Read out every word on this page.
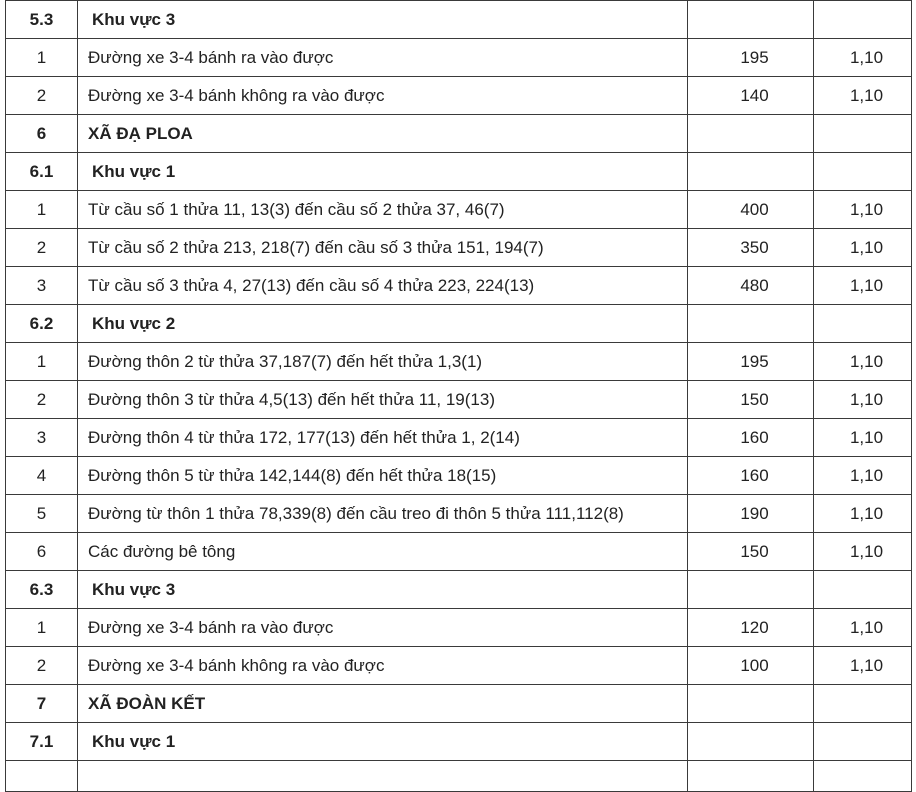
5.3	Khu vực 3		
1	Đường xe 3-4 bánh ra vào được	195	1,10
2	Đường xe 3-4 bánh không ra vào được	140	1,10
6	XÃ ĐẠ PLOA		
6.1	Khu vực 1		
1	Từ cầu số 1 thửa 11, 13(3) đến cầu số 2 thửa 37, 46(7)	400	1,10
2	Từ cầu số 2 thửa 213, 218(7) đến cầu số 3 thửa 151, 194(7)	350	1,10
3	Từ cầu số 3 thửa 4, 27(13) đến cầu số 4 thửa 223, 224(13)	480	1,10
6.2	Khu vực 2		
1	Đường thôn 2 từ thửa 37,187(7) đến hết thửa 1,3(1)	195	1,10
2	Đường thôn 3 từ thửa 4,5(13) đến hết thửa 11, 19(13)	150	1,10
3	Đường thôn 4 từ thửa 172, 177(13) đến hết thửa 1, 2(14)	160	1,10
4	Đường thôn 5 từ thửa 142,144(8) đến hết thửa 18(15)	160	1,10
5	Đường từ thôn 1 thửa 78,339(8) đến cầu treo đi thôn 5 thửa 111,112(8)	190	1,10
6	Các đường bê tông	150	1,10
6.3	Khu vực 3		
1	Đường xe 3-4 bánh ra vào được	120	1,10
2	Đường xe 3-4 bánh không ra vào được	100	1,10
7	XÃ ĐOÀN KẾT		
7.1	Khu vực 1		
